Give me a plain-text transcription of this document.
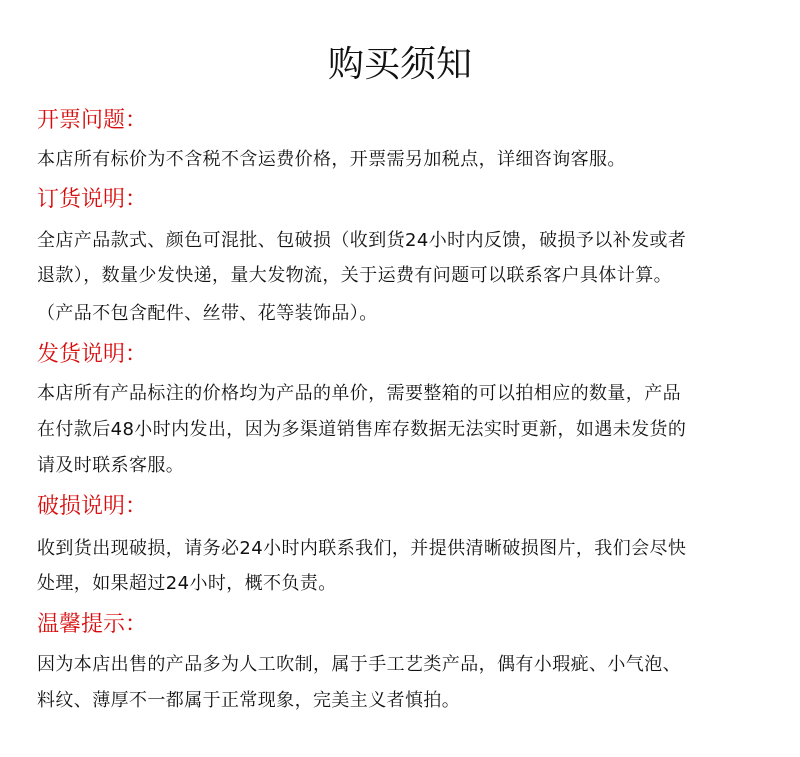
购买须知
开票问题：
本店所有标价为不含税不含运费价格，开票需另加税点，详细咨询客服。
订货说明：
全店产品款式、颜色可混批、包破损（收到货24小时内反馈，破损予以补发或者
退款），数量少发快递，量大发物流，关于运费有问题可以联系客户具体计算。
（产品不包含配件、丝带、花等装饰品）。
发货说明：
本店所有产品标注的价格均为产品的单价，需要整箱的可以拍相应的数量，产品
在付款后48小时内发出，因为多渠道销售库存数据无法实时更新，如遇未发货的
请及时联系客服。
破损说明：
收到货出现破损，请务必24小时内联系我们，并提供清晰破损图片，我们会尽快
处理，如果超过24小时，概不负责。
温馨提示：
因为本店出售的产品多为人工吹制，属于手工艺类产品，偶有小瑕疵、小气泡、
料纹、薄厚不一都属于正常现象，完美主义者慎拍。
